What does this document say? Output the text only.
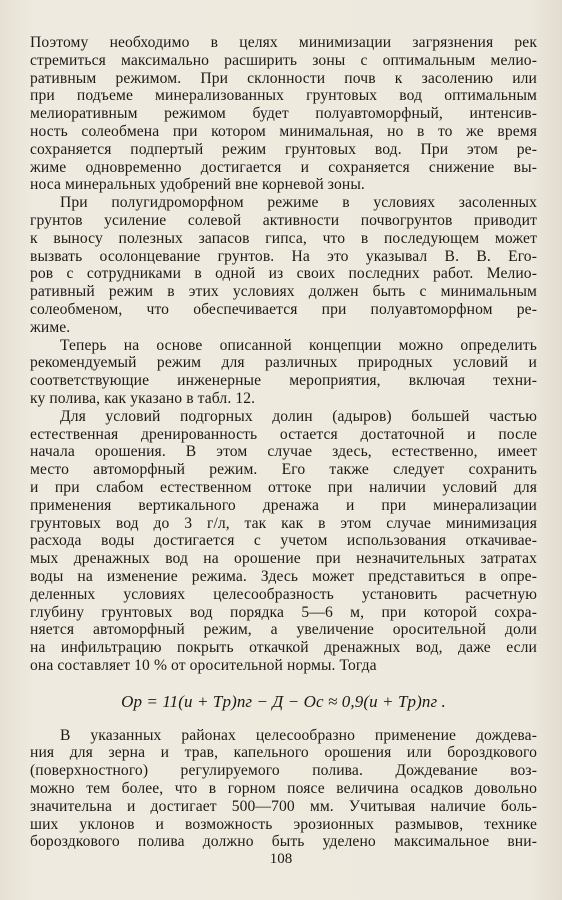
Поэтому необходимо в целях минимизации загрязнения рек
стремиться максимально расширить зоны с оптимальным мелио-
ративным режимом. При склонности почв к засолению или
при подъеме минерализованных грунтовых вод оптимальным
мелиоративным режимом будет полуавтоморфный, интенсив-
ность солеобмена при котором минимальная, но в то же время
сохраняется подпертый режим грунтовых вод. При этом ре-
жиме одновременно достигается и сохраняется снижение вы-
носа минеральных удобрений вне корневой зоны.
При полугидроморфном режиме в условиях засоленных
грунтов усиление солевой активности почвогрунтов приводит
к выносу полезных запасов гипса, что в последующем может
вызвать осолонцевание грунтов. На это указывал В. В. Его-
ров с сотрудниками в одной из своих последних работ. Мелио-
ративный режим в этих условиях должен быть с минимальным
солеобменом, что обеспечивается при полуавтоморфном ре-
жиме.
Теперь на основе описанной концепции можно определить
рекомендуемый режим для различных природных условий и
соответствующие инженерные мероприятия, включая техни-
ку полива, как указано в табл. 12.
Для условий подгорных долин (адыров) большей частью
естественная дренированность остается достаточной и после
начала орошения. В этом случае здесь, естественно, имеет
место автоморфный режим. Его также следует сохранить
и при слабом естественном оттоке при наличии условий для
применения вертикального дренажа и при минерализации
грунтовых вод до 3 г/л, так как в этом случае минимизация
расхода воды достигается с учетом использования откачивае-
мых дренажных вод на орошение при незначительных затратах
воды на изменение режима. Здесь может представиться в опре-
деленных условиях целесообразность установить расчетную
глубину грунтовых вод порядка 5—6 м, при которой сохра-
няется автоморфный режим, а увеличение оросительной доли
на инфильтрацию покрыть откачкой дренажных вод, даже если
она составляет 10 % от оросительной нормы. Тогда
Oр = 11(u + Tр)пг − Д − Oс ≈ 0,9(u + Tр)пг .
В указанных районах целесообразно применение дождева-
ния для зерна и трав, капельного орошения или бороздкового
(поверхностного) регулируемого полива. Дождевание воз-
можно тем более, что в горном поясе величина осадков довольно
значительна и достигает 500—700 мм. Учитывая наличие боль-
ших уклонов и возможность эрозионных размывов, технике
бороздкового полива должно быть уделено максимальное вни-
108
